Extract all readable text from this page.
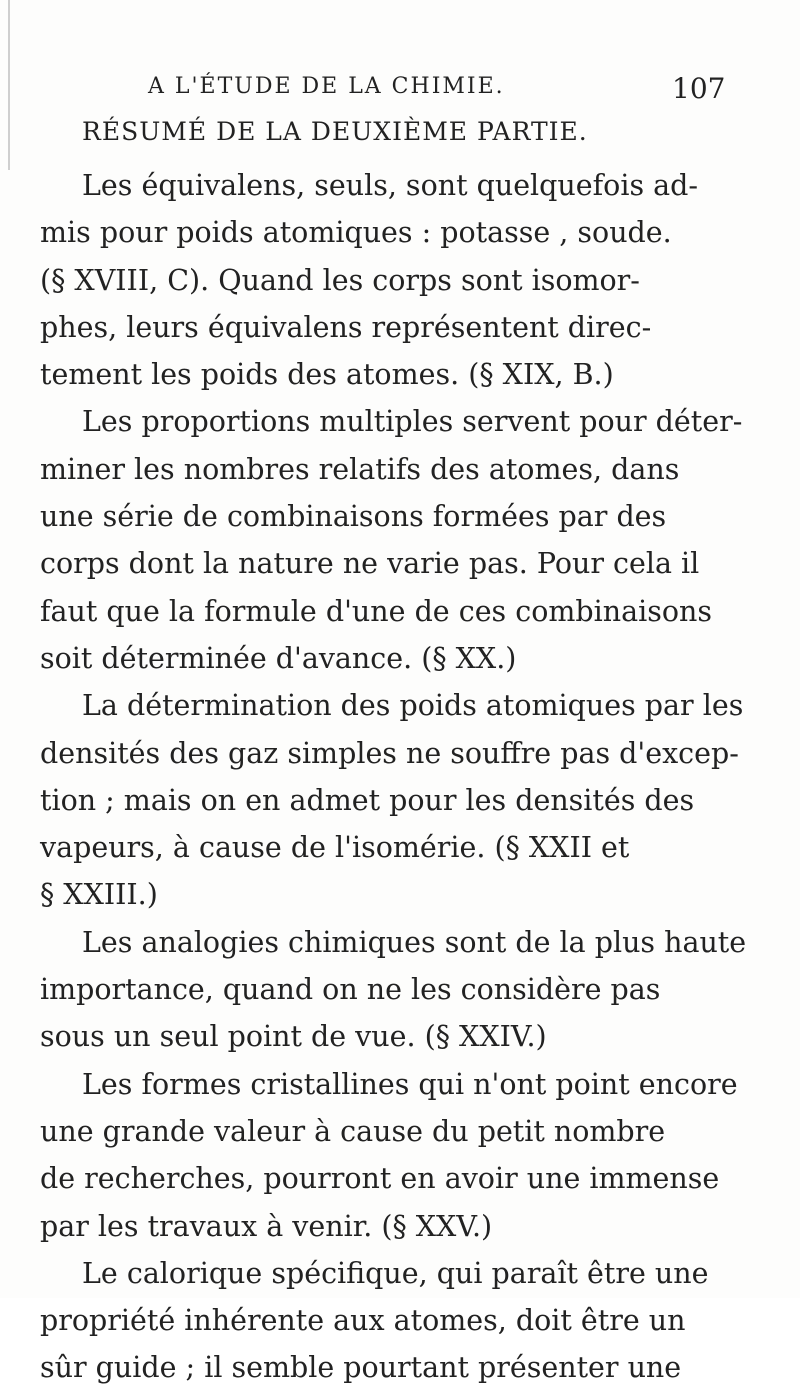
A L'ÉTUDE DE LA CHIMIE.	107
RÉSUMÉ DE LA DEUXIÈME PARTIE.
Les équivalens, seuls, sont quelquefois ad-
mis pour poids atomiques : potasse , soude.
(§ XVIII, C). Quand les corps sont isomor-
phes, leurs équivalens représentent direc-
tement les poids des atomes. (§ XIX, B.)
Les proportions multiples servent pour déter-
miner les nombres relatifs des atomes, dans
une série de combinaisons formées par des
corps dont la nature ne varie pas. Pour cela il
faut que la formule d'une de ces combinaisons
soit déterminée d'avance. (§ XX.)
La détermination des poids atomiques par les
densités des gaz simples ne souffre pas d'excep-
tion ; mais on en admet pour les densités des
vapeurs, à cause de l'isomérie. (§ XXII et
§ XXIII.)
Les analogies chimiques sont de la plus haute
importance, quand on ne les considère pas
sous un seul point de vue. (§ XXIV.)
Les formes cristallines qui n'ont point encore
une grande valeur à cause du petit nombre
de recherches, pourront en avoir une immense
par les travaux à venir. (§ XXV.)
Le calorique spécifique, qui paraît être une
propriété inhérente aux atomes, doit être un
sûr guide ; il semble pourtant présenter une
